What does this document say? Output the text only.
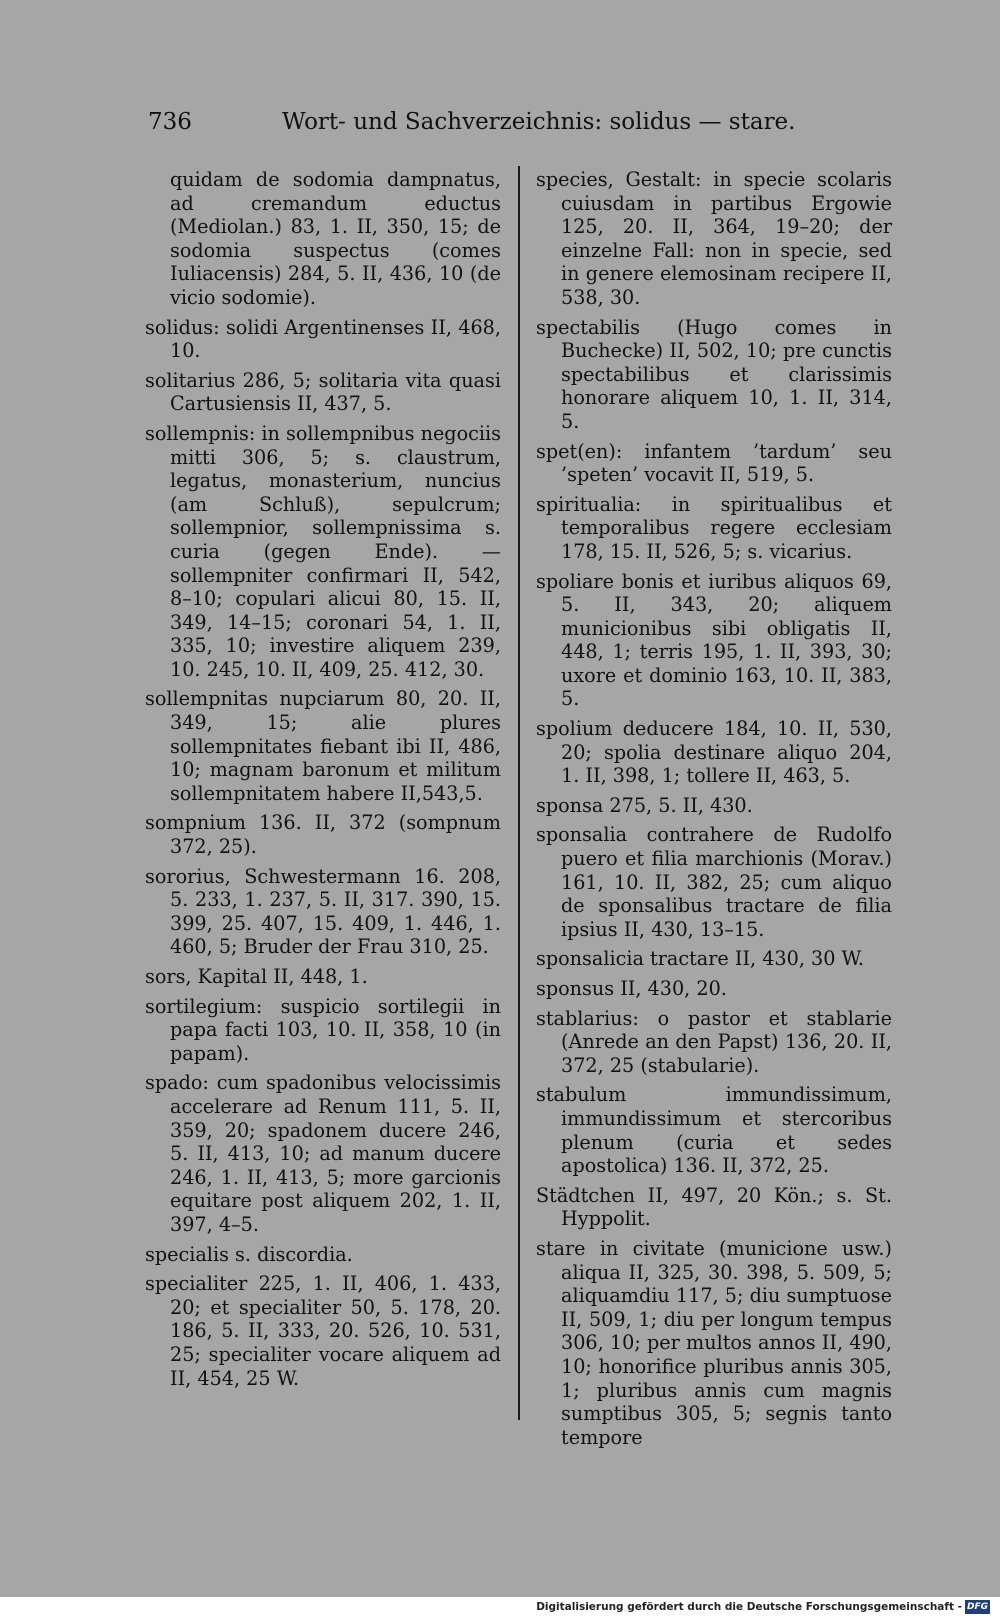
736	Wort- und Sachverzeichnis: solidus — stare.

quidam de sodomia dampnatus, ad cremandum eductus (Mediolan.) 83, 1. II, 350, 15; de sodomia suspectus (comes Iuliacensis) 284, 5. II, 436, 10 (de vicio sodomie).

solidus: solidi Argentinenses II, 468, 10.

solitarius 286, 5; solitaria vita quasi Cartusiensis II, 437, 5.

sollempnis: in sollempnibus negociis mitti 306, 5; s. claustrum, legatus, monasterium, nuncius (am Schluß), sepulcrum; sollempnior, sollempnissima s. curia (gegen Ende). — sollempniter confirmari II, 542, 8–10; copulari alicui 80, 15. II, 349, 14–15; coronari 54, 1. II, 335, 10; investire aliquem 239, 10. 245, 10. II, 409, 25. 412, 30.

sollempnitas nupciarum 80, 20. II, 349, 15; alie plures sollempnitates fiebant ibi II, 486, 10; magnam baronum et militum sollempnitatem habere II,543,5.

sompnium 136. II, 372 (sompnum 372, 25).

sororius, Schwestermann 16. 208, 5. 233, 1. 237, 5. II, 317. 390, 15. 399, 25. 407, 15. 409, 1. 446, 1. 460, 5; Bruder der Frau 310, 25.

sors, Kapital II, 448, 1.

sortilegium: suspicio sortilegii in papa facti 103, 10. II, 358, 10 (in papam).

spado: cum spadonibus velocissimis accelerare ad Renum 111, 5. II, 359, 20; spadonem ducere 246, 5. II, 413, 10; ad manum ducere 246, 1. II, 413, 5; more garcionis equitare post aliquem 202, 1. II, 397, 4–5.

specialis s. discordia.

specialiter 225, 1. II, 406, 1. 433, 20; et specialiter 50, 5. 178, 20. 186, 5. II, 333, 20. 526, 10. 531, 25; specialiter vocare aliquem ad II, 454, 25 W.

species, Gestalt: in specie scolaris cuiusdam in partibus Ergowie 125, 20. II, 364, 19–20; der einzelne Fall: non in specie, sed in genere elemosinam recipere II, 538, 30.

spectabilis (Hugo comes in Buchecke) II, 502, 10; pre cunctis spectabilibus et clarissimis honorare aliquem 10, 1. II, 314, 5.

spet(en): infantem ’tardum’ seu ’speten’ vocavit II, 519, 5.

spiritualia: in spiritualibus et temporalibus regere ecclesiam 178, 15. II, 526, 5; s. vicarius.

spoliare bonis et iuribus aliquos 69, 5. II, 343, 20; aliquem municionibus sibi obligatis II, 448, 1; terris 195, 1. II, 393, 30; uxore et dominio 163, 10. II, 383, 5.

spolium deducere 184, 10. II, 530, 20; spolia destinare aliquo 204, 1. II, 398, 1; tollere II, 463, 5.

sponsa 275, 5. II, 430.

sponsalia contrahere de Rudolfo puero et filia marchionis (Morav.) 161, 10. II, 382, 25; cum aliquo de sponsalibus tractare de filia ipsius II, 430, 13–15.

sponsalicia tractare II, 430, 30 W.

sponsus II, 430, 20.

stablarius: o pastor et stablarie (Anrede an den Papst) 136, 20. II, 372, 25 (stabularie).

stabulum immundissimum, immundissimum et stercoribus plenum (curia et sedes apostolica) 136. II, 372, 25.

Städtchen II, 497, 20 Kön.; s. St. Hyppolit.

stare in civitate (municione usw.) aliqua II, 325, 30. 398, 5. 509, 5; aliquamdiu 117, 5; diu sumptuose II, 509, 1; diu per longum tempus 306, 10; per multos annos II, 490, 10; honorifice pluribus annis 305, 1; pluribus annis cum magnis sumptibus 305, 5; segnis tanto tempore

Digitalisierung gefördert durch die Deutsche Forschungsgemeinschaft - DFG
